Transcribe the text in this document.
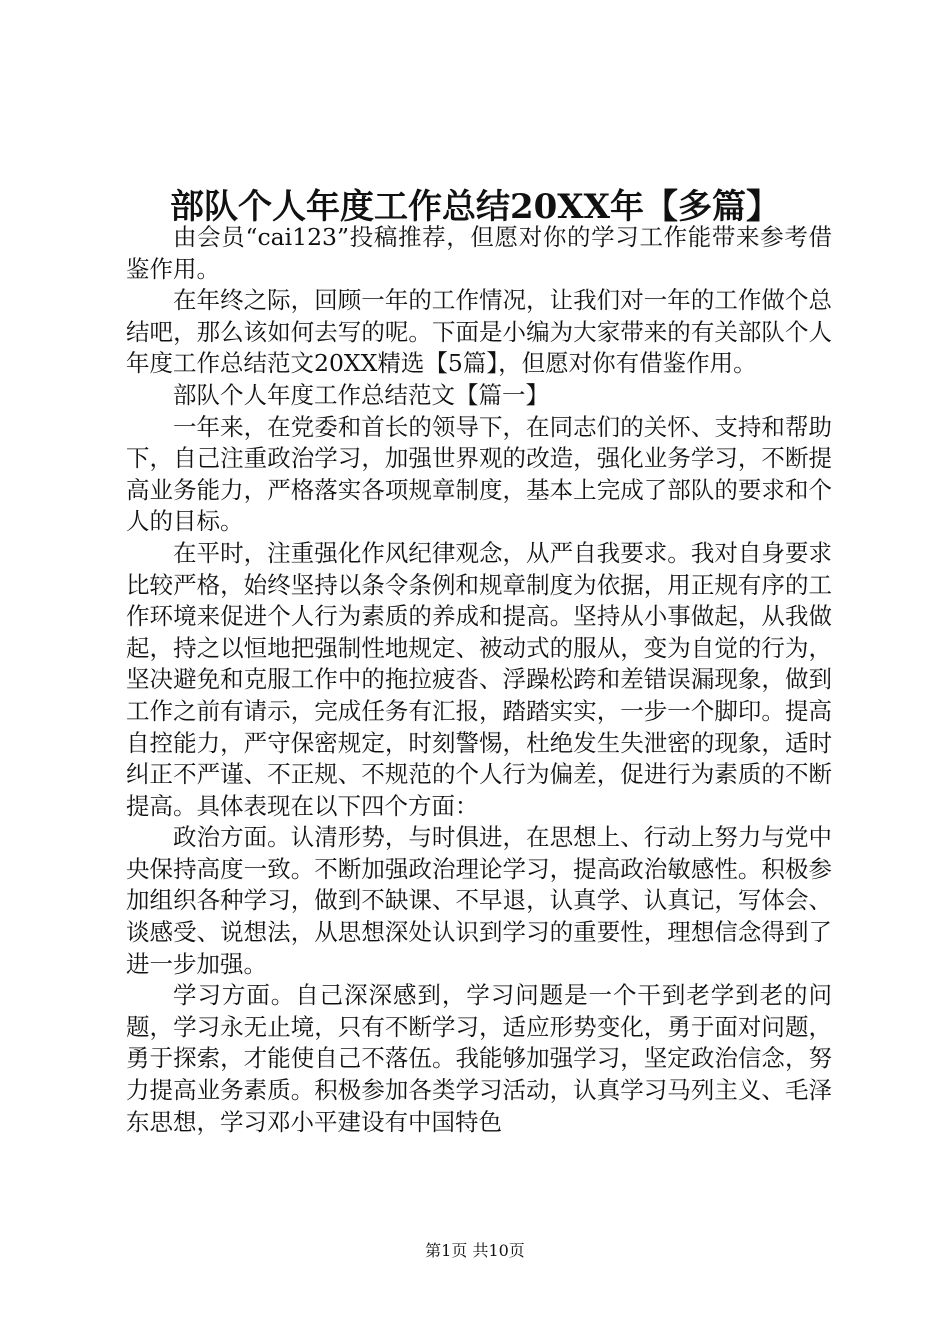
部队个人年度工作总结20XX年【多篇】

由会员“cai123”投稿推荐，但愿对你的学习工作能带来参考借鉴作用。

在年终之际，回顾一年的工作情况，让我们对一年的工作做个总结吧，那么该如何去写的呢。下面是小编为大家带来的有关部队个人年度工作总结范文20XX精选【5篇】，但愿对你有借鉴作用。

部队个人年度工作总结范文【篇一】

一年来，在党委和首长的领导下，在同志们的关怀、支持和帮助下，自己注重政治学习，加强世界观的改造，强化业务学习，不断提高业务能力，严格落实各项规章制度，基本上完成了部队的要求和个人的目标。

在平时，注重强化作风纪律观念，从严自我要求。我对自身要求比较严格，始终坚持以条令条例和规章制度为依据，用正规有序的工作环境来促进个人行为素质的养成和提高。坚持从小事做起，从我做起，持之以恒地把强制性地规定、被动式的服从，变为自觉的行为，坚决避免和克服工作中的拖拉疲沓、浮躁松跨和差错误漏现象，做到工作之前有请示，完成任务有汇报，踏踏实实，一步一个脚印。提高自控能力，严守保密规定，时刻警惕，杜绝发生失泄密的现象，适时纠正不严谨、不正规、不规范的个人行为偏差，促进行为素质的不断提高。具体表现在以下四个方面：

政治方面。认清形势，与时俱进，在思想上、行动上努力与党中央保持高度一致。不断加强政治理论学习，提高政治敏感性。积极参加组织各种学习，做到不缺课、不早退，认真学、认真记，写体会、谈感受、说想法，从思想深处认识到学习的重要性，理想信念得到了进一步加强。

学习方面。自己深深感到，学习问题是一个干到老学到老的问题，学习永无止境，只有不断学习，适应形势变化，勇于面对问题，勇于探索，才能使自己不落伍。我能够加强学习，坚定政治信念，努力提高业务素质。积极参加各类学习活动，认真学习马列主义、毛泽东思想，学习邓小平建设有中国特色

第1页 共10页
